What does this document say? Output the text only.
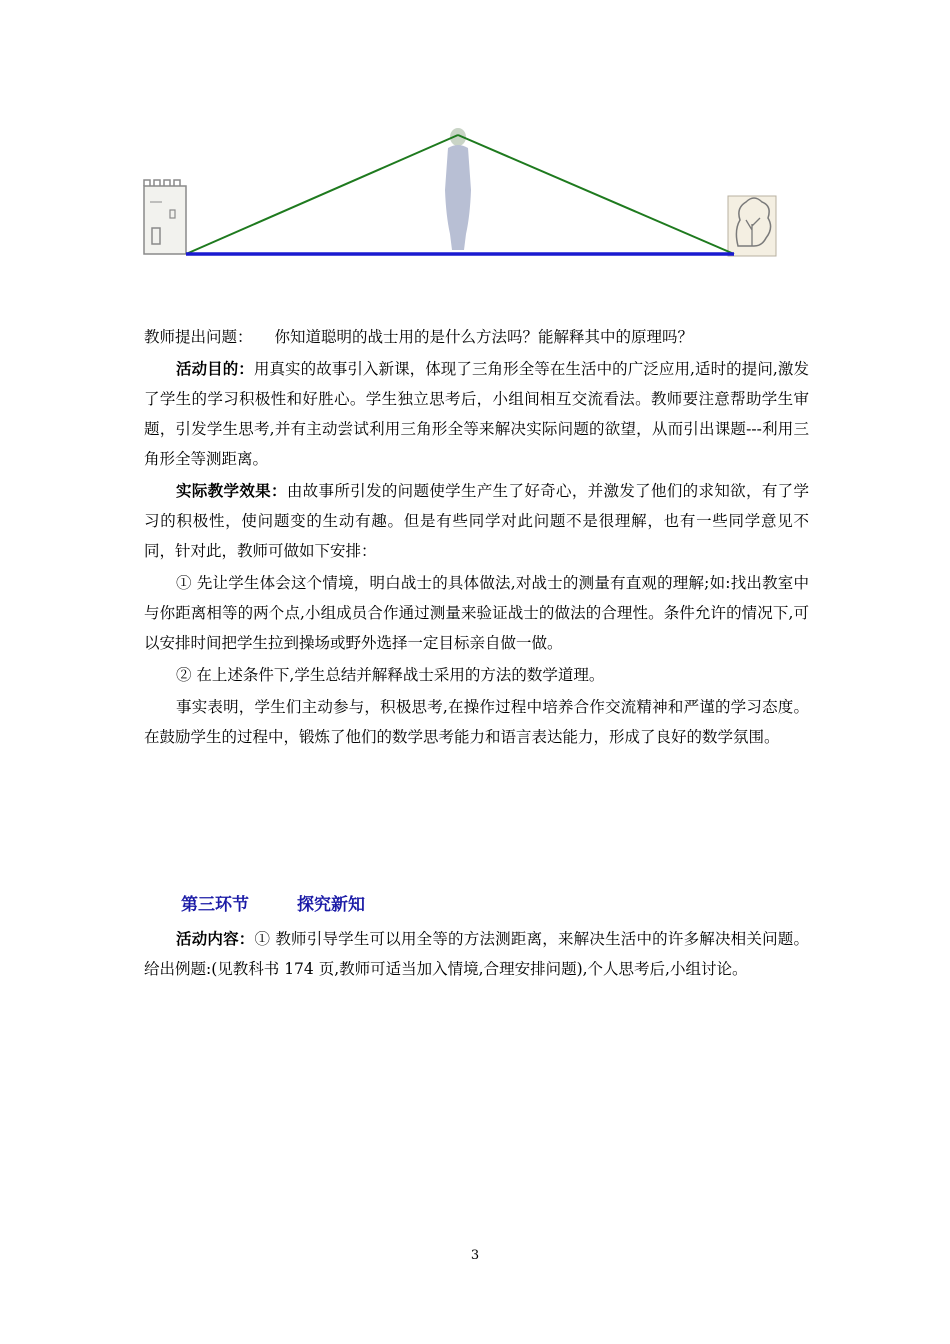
教师提出问题： 你知道聪明的战士用的是什么方法吗？能解释其中的原理吗？

活动目的：用真实的故事引入新课，体现了三角形全等在生活中的广泛应用,适时的提问,激发了学生的学习积极性和好胜心。学生独立思考后，小组间相互交流看法。教师要注意帮助学生审题，引发学生思考,并有主动尝试利用三角形全等来解决实际问题的欲望，从而引出课题---利用三角形全等测距离。

实际教学效果：由故事所引发的问题使学生产生了好奇心，并激发了他们的求知欲，有了学习的积极性，使问题变的生动有趣。但是有些同学对此问题不是很理解，也有一些同学意见不同，针对此，教师可做如下安排：

① 先让学生体会这个情境，明白战士的具体做法,对战士的测量有直观的理解;如:找出教室中与你距离相等的两个点,小组成员合作通过测量来验证战士的做法的合理性。条件允许的情况下,可以安排时间把学生拉到操场或野外选择一定目标亲自做一做。

② 在上述条件下,学生总结并解释战士采用的方法的数学道理。

事实表明，学生们主动参与，积极思考,在操作过程中培养合作交流精神和严谨的学习态度。在鼓励学生的过程中，锻炼了他们的数学思考能力和语言表达能力，形成了良好的数学氛围。

第三环节	探究新知

活动内容：① 教师引导学生可以用全等的方法测距离，来解决生活中的许多解决相关问题。给出例题:(见教科书 174 页,教师可适当加入情境,合理安排问题),个人思考后,小组讨论。

3
